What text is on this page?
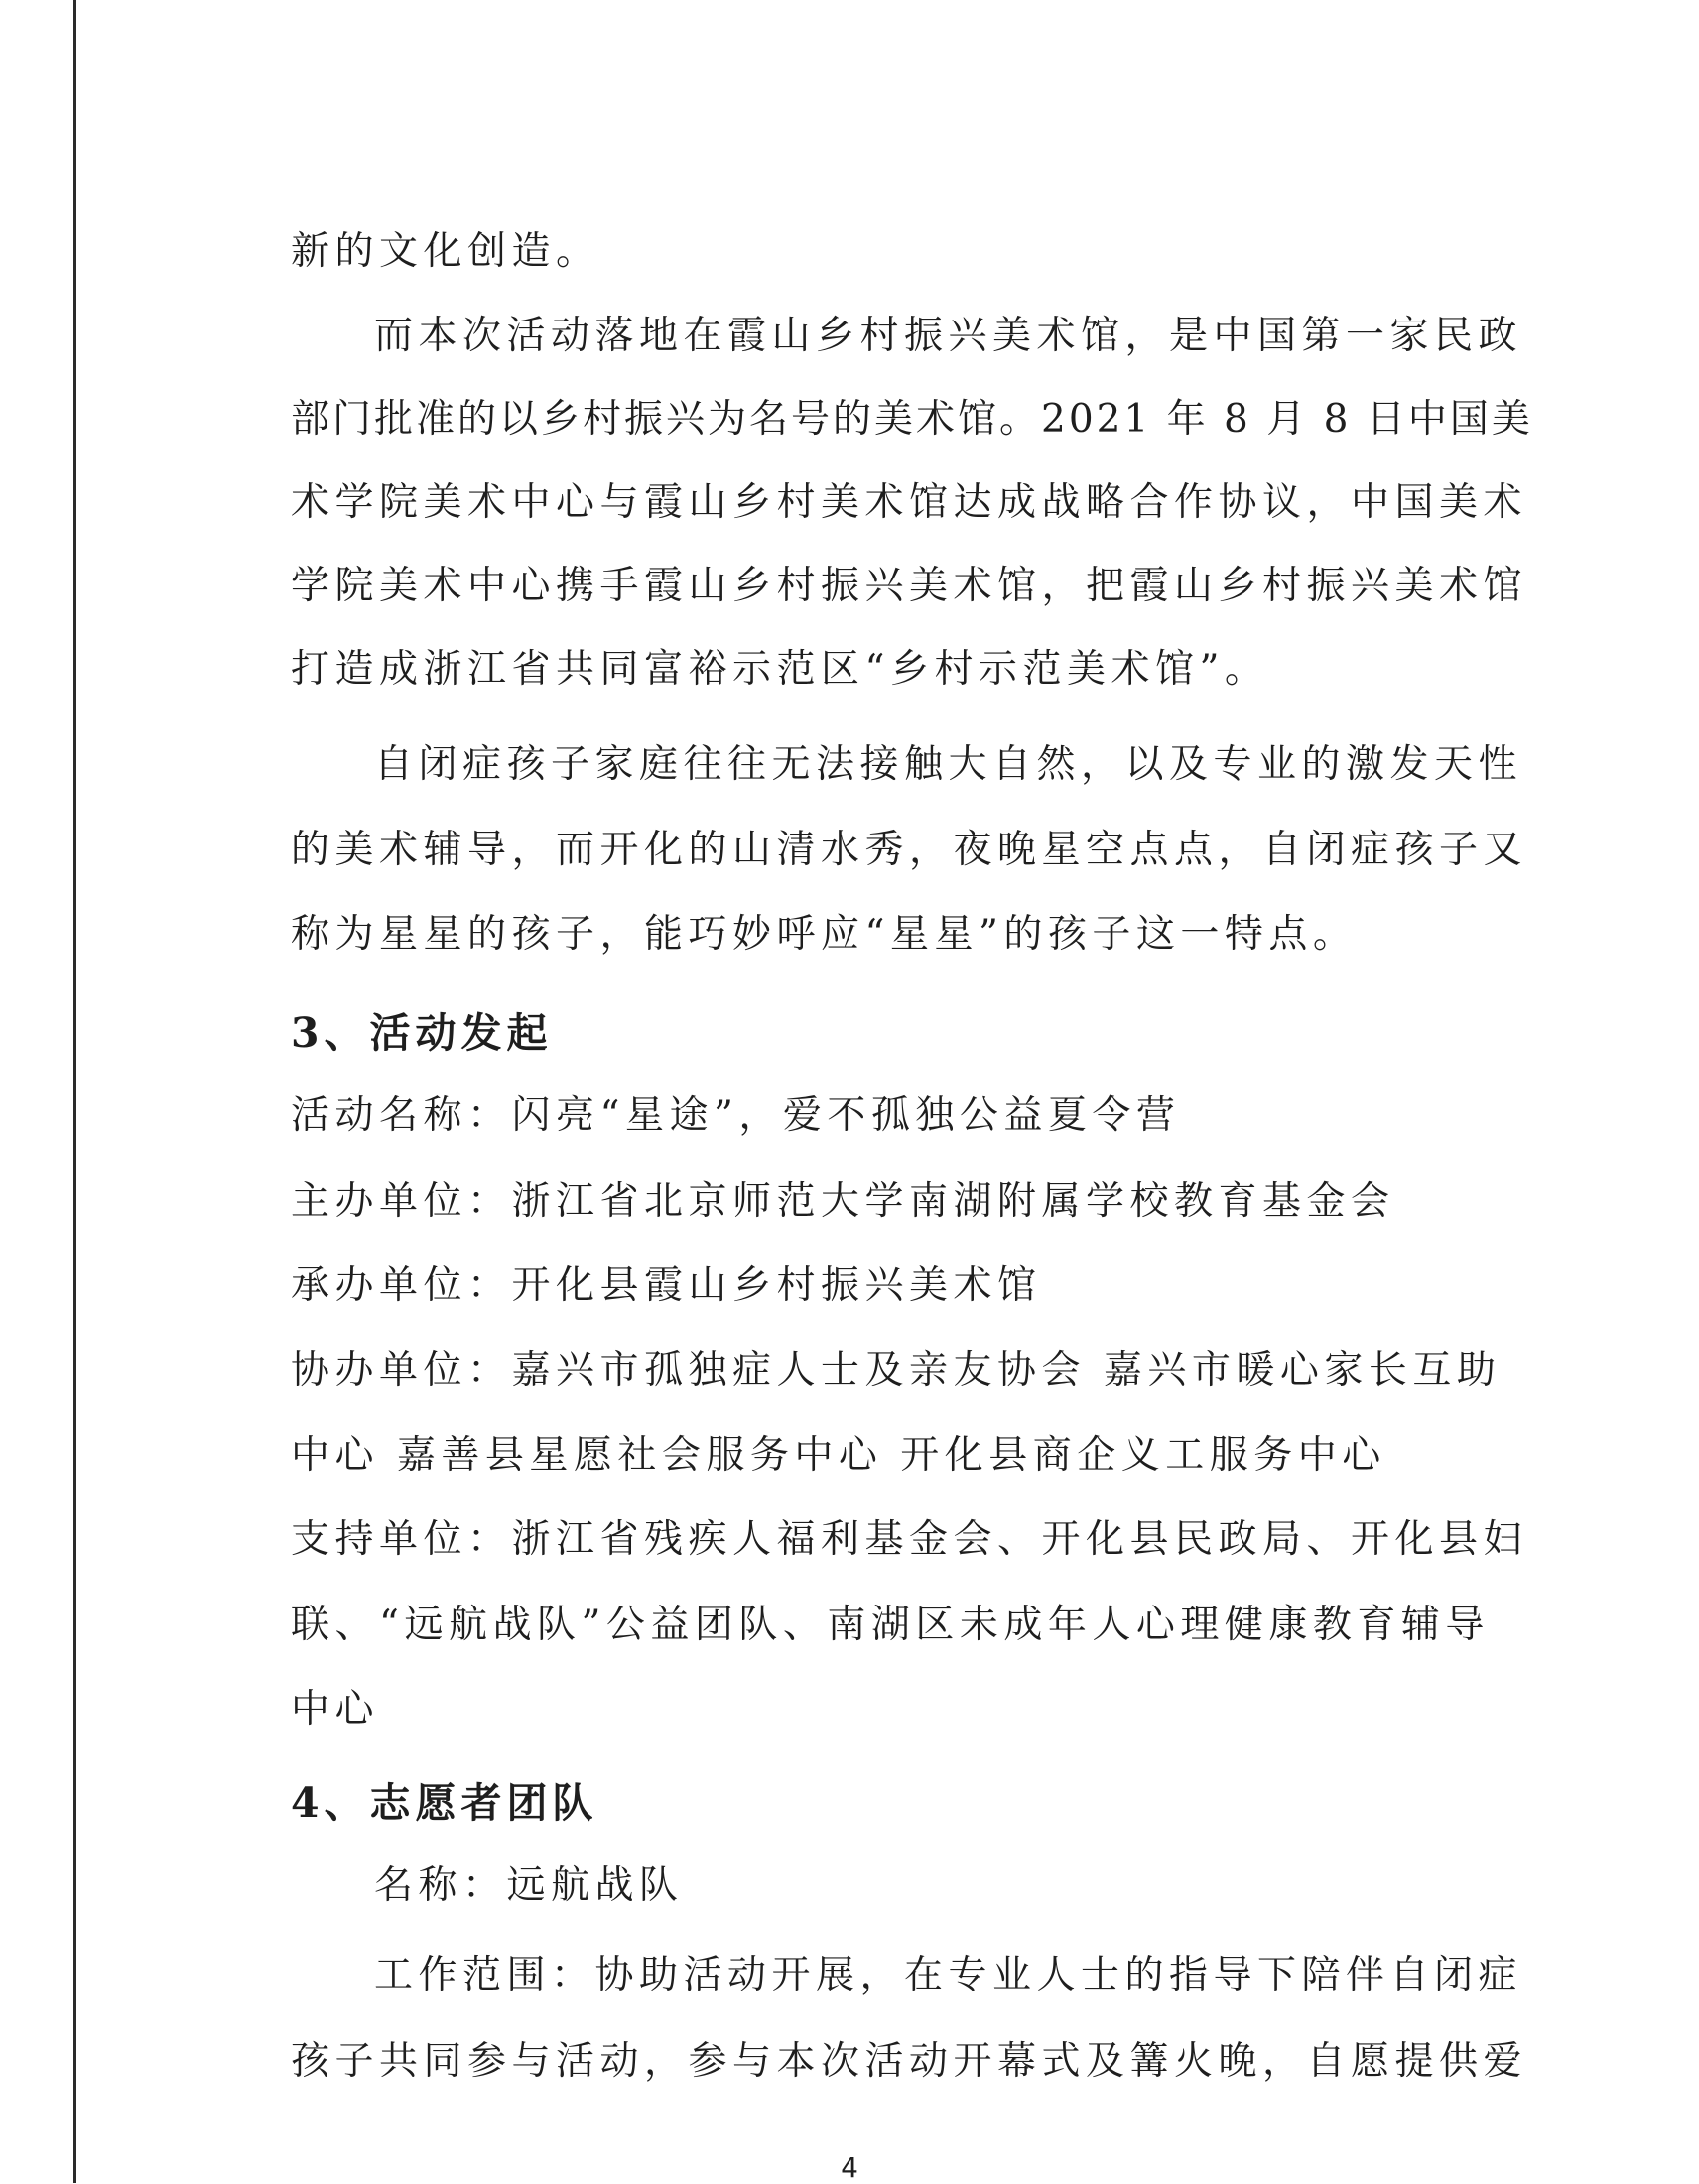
新的文化创造。
而本次活动落地在霞山乡村振兴美术馆，是中国第一家民政
部门批准的以乡村振兴为名号的美术馆。2021 年 8 月 8 日中国美
术学院美术中心与霞山乡村美术馆达成战略合作协议，中国美术
学院美术中心携手霞山乡村振兴美术馆，把霞山乡村振兴美术馆
打造成浙江省共同富裕示范区“乡村示范美术馆”。
自闭症孩子家庭往往无法接触大自然，以及专业的激发天性
的美术辅导，而开化的山清水秀，夜晚星空点点，自闭症孩子又
称为星星的孩子，能巧妙呼应“星星”的孩子这一特点。
3、活动发起
活动名称：闪亮“星途”，爱不孤独公益夏令营
主办单位：浙江省北京师范大学南湖附属学校教育基金会
承办单位：开化县霞山乡村振兴美术馆
协办单位：嘉兴市孤独症人士及亲友协会 嘉兴市暖心家长互助
中心 嘉善县星愿社会服务中心 开化县商企义工服务中心
支持单位：浙江省残疾人福利基金会、开化县民政局、开化县妇
联、“远航战队”公益团队、南湖区未成年人心理健康教育辅导
中心
4、志愿者团队
名称：远航战队
工作范围：协助活动开展，在专业人士的指导下陪伴自闭症
孩子共同参与活动，参与本次活动开幕式及篝火晚，自愿提供爱
4
